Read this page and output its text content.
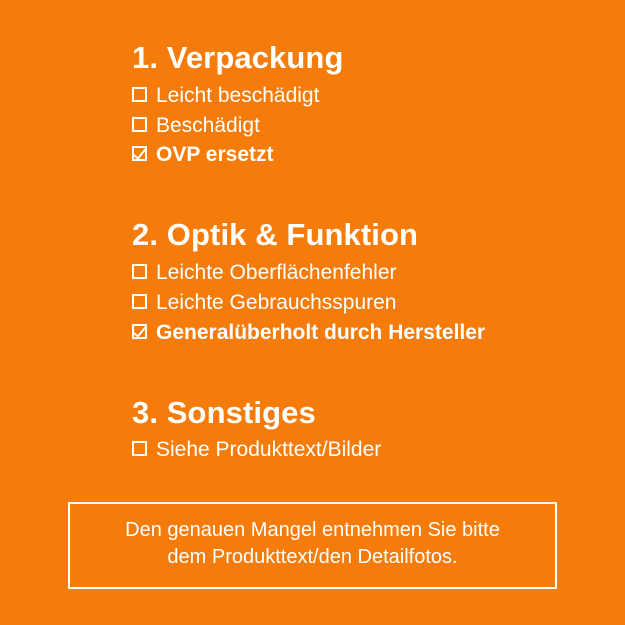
1. Verpackung
Leicht beschädigt
Beschädigt
OVP ersetzt
2. Optik & Funktion
Leichte Oberflächenfehler
Leichte Gebrauchsspuren
Generalüberholt durch Hersteller
3. Sonstiges
Siehe Produkttext/Bilder
Den genauen Mangel entnehmen Sie bitte
dem Produkttext/den Detailfotos.
